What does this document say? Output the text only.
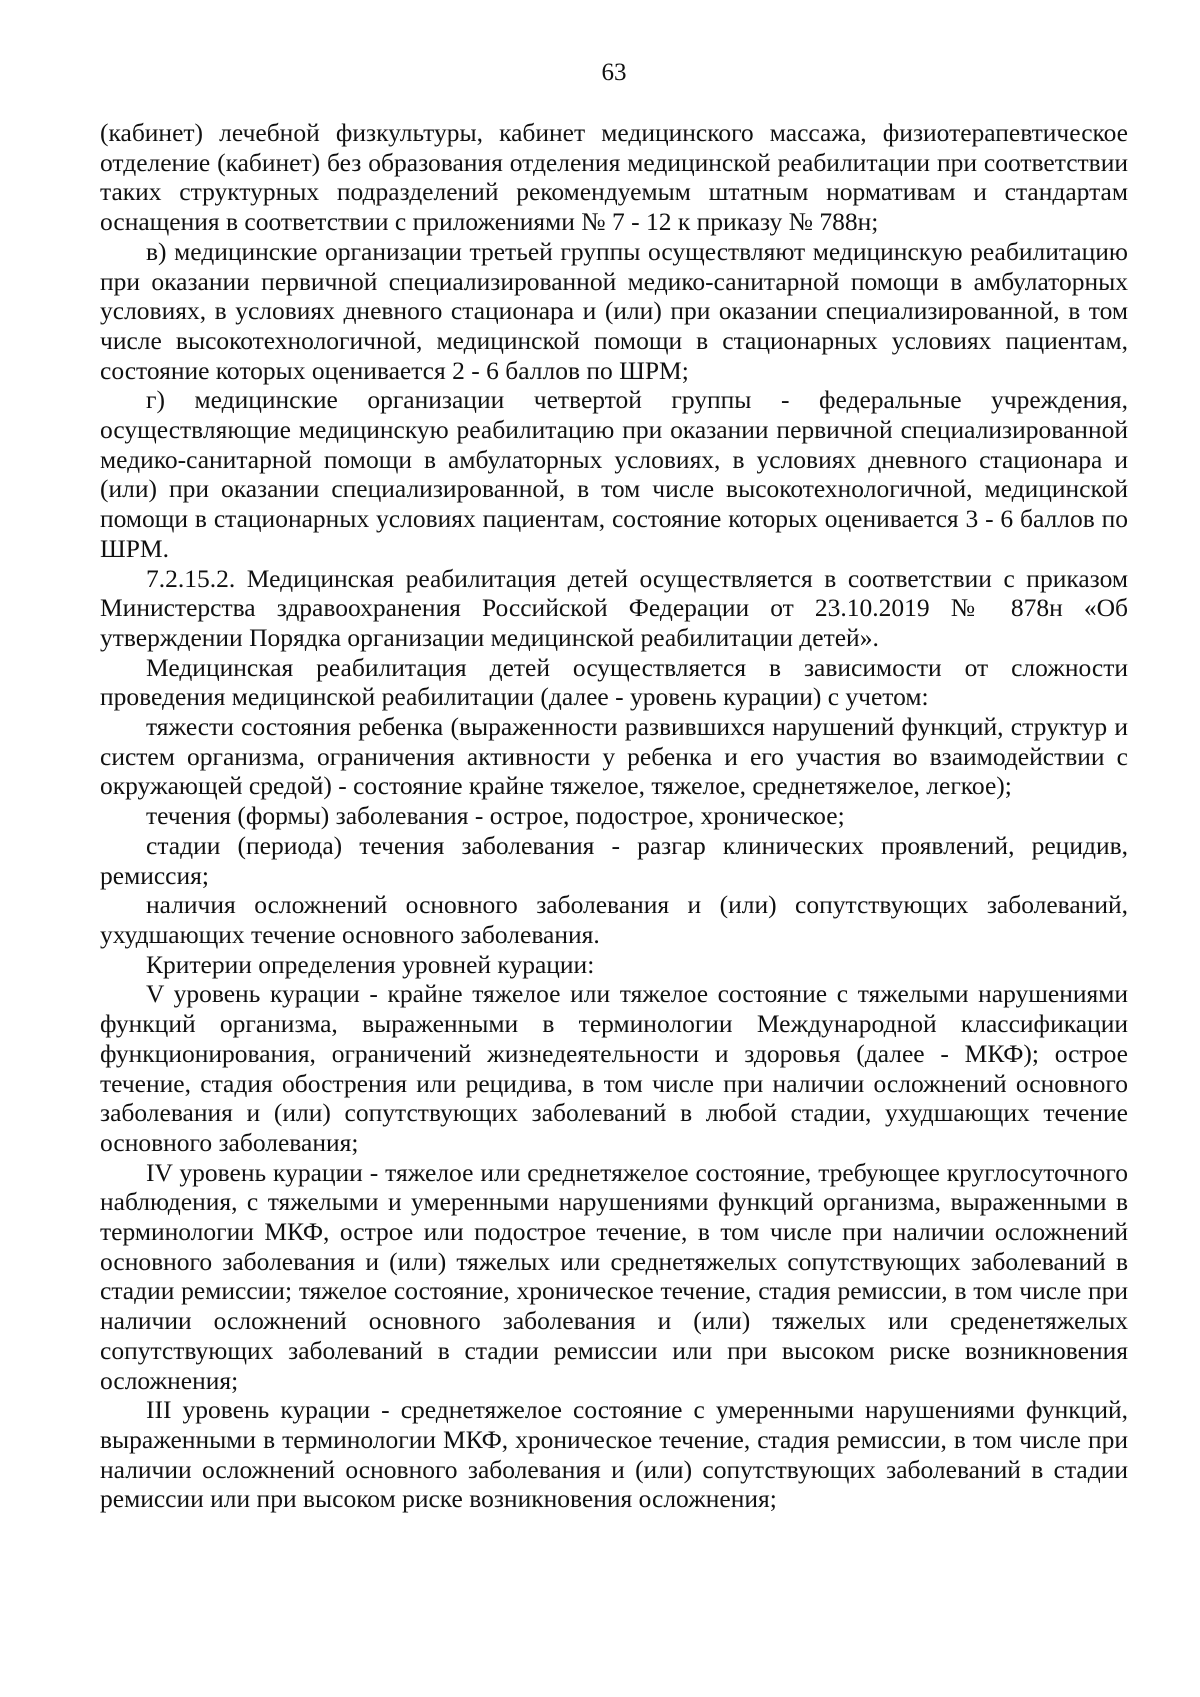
63

(кабинет) лечебной физкультуры, кабинет медицинского массажа, физиотерапевтическое отделение (кабинет) без образования отделения медицинской реабилитации при соответствии таких структурных подразделений рекомендуемым штатным нормативам и стандартам оснащения в соответствии с приложениями № 7 - 12 к приказу № 788н;

в) медицинские организации третьей группы осуществляют медицинскую реабилитацию при оказании первичной специализированной медико-санитарной помощи в амбулаторных условиях, в условиях дневного стационара и (или) при оказании специализированной, в том числе высокотехнологичной, медицинской помощи в стационарных условиях пациентам, состояние которых оценивается 2 - 6 баллов по ШРМ;

г) медицинские организации четвертой группы - федеральные учреждения, осуществляющие медицинскую реабилитацию при оказании первичной специализированной медико-санитарной помощи в амбулаторных условиях, в условиях дневного стационара и (или) при оказании специализированной, в том числе высокотехнологичной, медицинской помощи в стационарных условиях пациентам, состояние которых оценивается 3 - 6 баллов по ШРМ.

7.2.15.2. Медицинская реабилитация детей осуществляется в соответствии с приказом Министерства здравоохранения Российской Федерации от 23.10.2019 № 878н «Об утверждении Порядка организации медицинской реабилитации детей».

Медицинская реабилитация детей осуществляется в зависимости от сложности проведения медицинской реабилитации (далее - уровень курации) с учетом:

тяжести состояния ребенка (выраженности развившихся нарушений функций, структур и систем организма, ограничения активности у ребенка и его участия во взаимодействии с окружающей средой) - состояние крайне тяжелое, тяжелое, среднетяжелое, легкое);

течения (формы) заболевания - острое, подострое, хроническое;

стадии (периода) течения заболевания - разгар клинических проявлений, рецидив, ремиссия;

наличия осложнений основного заболевания и (или) сопутствующих заболеваний, ухудшающих течение основного заболевания.

Критерии определения уровней курации:

V уровень курации - крайне тяжелое или тяжелое состояние с тяжелыми нарушениями функций организма, выраженными в терминологии Международной классификации функционирования, ограничений жизнедеятельности и здоровья (далее - МКФ); острое течение, стадия обострения или рецидива, в том числе при наличии осложнений основного заболевания и (или) сопутствующих заболеваний в любой стадии, ухудшающих течение основного заболевания;

IV уровень курации - тяжелое или среднетяжелое состояние, требующее круглосуточного наблюдения, с тяжелыми и умеренными нарушениями функций организма, выраженными в терминологии МКФ, острое или подострое течение, в том числе при наличии осложнений основного заболевания и (или) тяжелых или среднетяжелых сопутствующих заболеваний в стадии ремиссии; тяжелое состояние, хроническое течение, стадия ремиссии, в том числе при наличии осложнений основного заболевания и (или) тяжелых или среденетяжелых сопутствующих заболеваний в стадии ремиссии или при высоком риске возникновения осложнения;

III уровень курации - среднетяжелое состояние с умеренными нарушениями функций, выраженными в терминологии МКФ, хроническое течение, стадия ремиссии, в том числе при наличии осложнений основного заболевания и (или) сопутствующих заболеваний в стадии ремиссии или при высоком риске возникновения осложнения;
